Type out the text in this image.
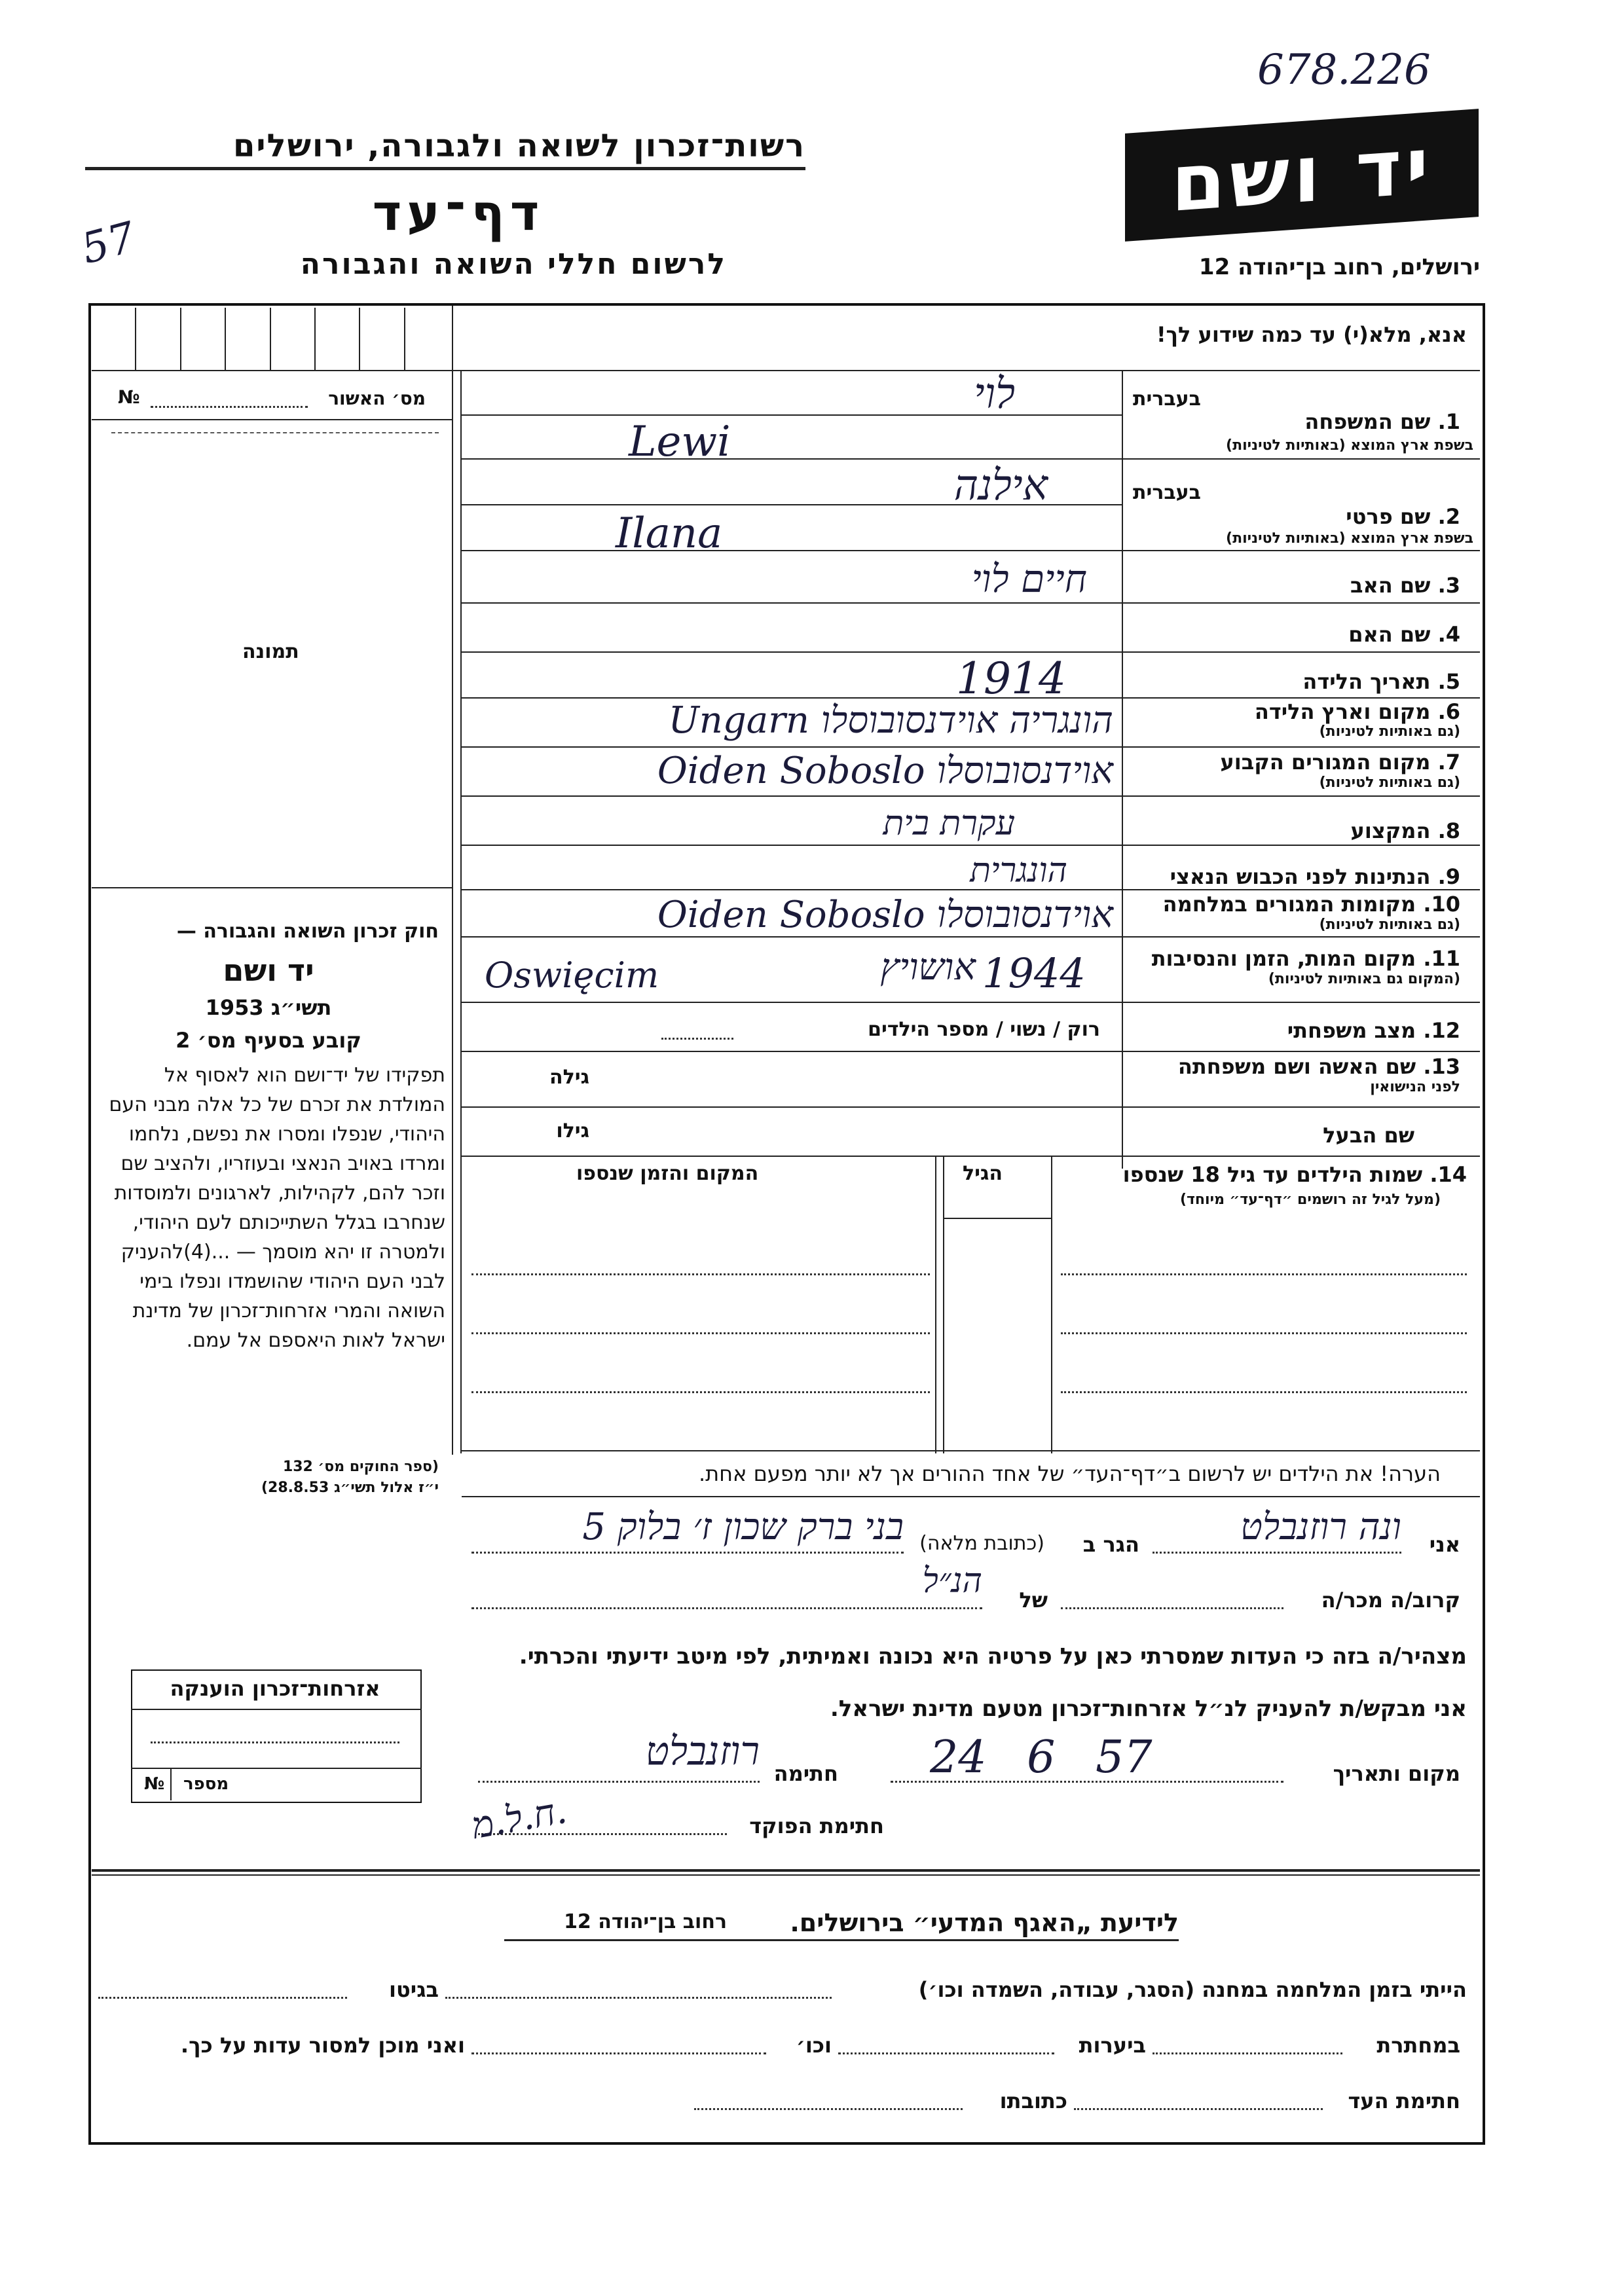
678.226
57
רשות־זכרון לשואה ולגבורה, ירושלים
דף־עד
לרשום חללי השואה והגבורה
יד ושם
ירושלים, רחוב בן־יהודה 12
אנא, מלא(י) עד כמה שידוע לך!
מס׳ האשור
№
תמונה
חוק זכרון השואה והגבורה —
יד ושם
תשי״ג 1953
קובע בסעיף מס׳ 2
תפקידו של יד־ושם הוא לאסוף אל המולדת את זכרם של כל אלה מבני העם היהודי, שנפלו ומסרו את נפשם, נלחמו ומרדו באויב הנאצי ובעוזריו, ולהציב שם וזכר להם, לקהילות, לארגונים ולמוסדות שנחרבו בגלל השתייכותם לעם היהודי, ולמטרה זו יהא מוסמך — ...(4)להעניק לבני העם היהודי שהושמדו ונפלו בימי השואה והמרי אזרחות־זכרון של מדינת ישראל לאות היאספם אל עמם.
(ספר החוקים מס׳ 132
י״ז אלול תשי״ג 28.8.53)
בעברית
1. שם המשפחה
בשפת ארץ המוצא (באותיות לטיניות)
בעברית
2. שם פרטי
בשפת ארץ המוצא (באותיות לטיניות)
3. שם האב
4. שם האם
5. תאריך הלידה
6. מקום וארץ הלידה
(גם באותיות לטיניות)
7. מקום המגורים הקבוע
(גם באותיות לטיניות)
8. המקצוע
9. הנתינות לפני הכבוש הנאצי
10. מקומות המגורים במלחמה
(גם באותיות לטיניות)
11. מקום המות, הזמן והנסיבות
(המקום גם באותיות לטיניות)
12. מצב משפחתי
13. שם האשה ושם משפחתה
לפני הנישואין
שם הבעל
רוק / נשוי / מספר הילדים
גילה
גילו
14. שמות הילדים עד גיל 18 שנספו
(מעל לגיל זה רושמים ״דף־עד״ מיוחד)
הגיל
המקום והזמן שנספו
הערה! את הילדים יש לרשום ב״דף־העד״ של אחד ההורים אך לא יותר מפעם אחת.
לוי
Lewi
אילנה
Ilana
חיים לוי
1914
הונגריה אוידנסובוסלו Ungarn
אוידנסובוסלו Oiden Soboslo
עקרת בית
הונגרית
אוידנסובוסלו Oiden Soboslo
1944
אושויץ
Oswięcim
אני
ונה רוזנבלט
הגר ב
(כתובת מלאה)
בני ברק שכון ז׳ בלוק 5
קרוב/ה מכר/ה
של
הנ״ל
מצהיר/ה בזה כי העדות שמסרתי כאן על פרטיה היא נכונה ואמיתית, לפי מיטב ידיעתי והכרתי.
אני מבקש/ת להעניק לנ״ל אזרחות־זכרון מטעם מדינת ישראל.
מקום ותאריך
24 6 57
חתימה
רוזנבלט
חתימת הפוקד
ח.ל.מ.
אזרחות־זכרון הוענקה
№ מספר
לידיעת „האגף המדעי״ בירושלים.
רחוב בן־יהודה 12
הייתי בזמן המלחמה במחנה (הסגר, עבודה, השמדה וכו׳)
בגיטו
במחתרת
ביערות
וכו׳
ואני מוכן למסור עדות על כך.
חתימת העד
כתובתו
